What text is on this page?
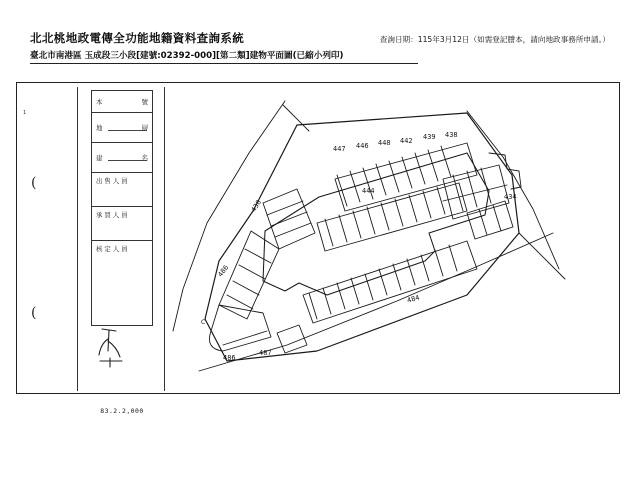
北北桃地政電傳全功能地籍資料查詢系統	查詢日期：115年3月12日（如需登記謄本，請向地政事務所申請。）
臺北市南港區 玉成段三小段[建號:02392-000][第二類]建物平面圖(已縮小列印)
1
(
(
本	號
地	層
建	名
出 售 人 員
承 買 人 員
核 定 人 員
83.2.2,000
447 446 448 442 439 438
434
444
438
486
484
486
487
C
